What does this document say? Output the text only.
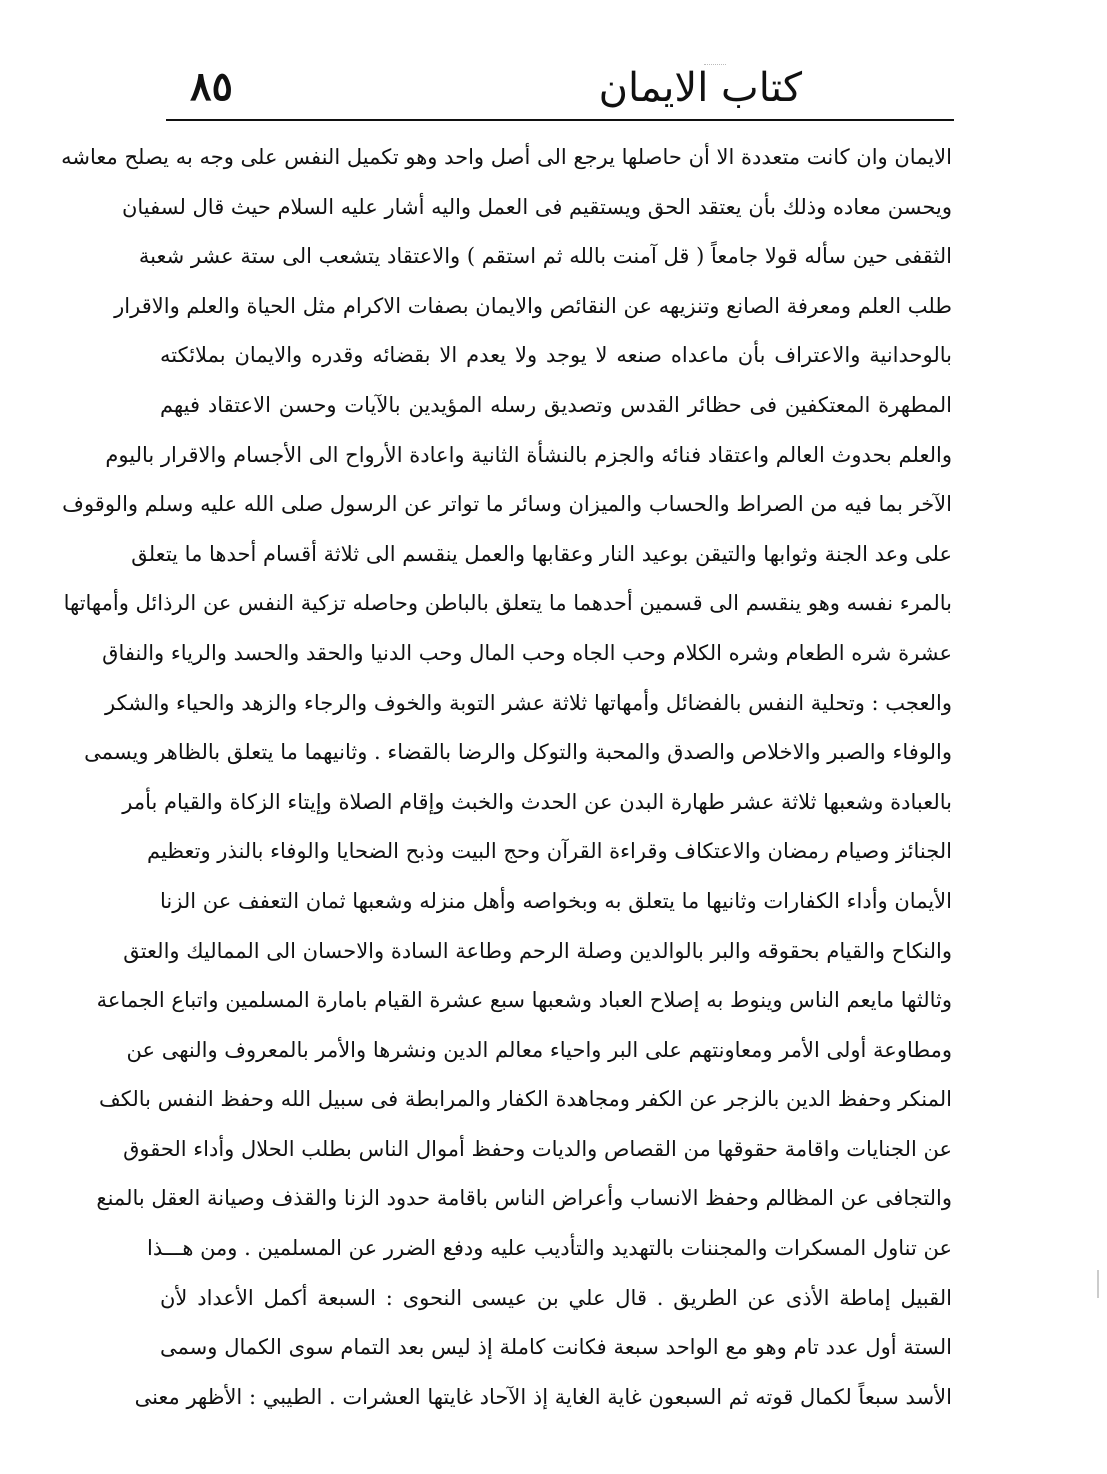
كتاب الايمان
٨٥
الايمان وان كانت متعددة الا أن حاصلها يرجع الى أصل واحد وهو تكميل النفس على وجه به يصلح معاشه
ويحسن معاده وذلك بأن يعتقد الحق ويستقيم فى العمل واليه أشار عليه السلام حيث قال لسفيان
الثقفى حين سأله قولا جامعاً ( قل آمنت بالله ثم استقم ) والاعتقاد يتشعب الى ستة عشر شعبة
طلب العلم ومعرفة الصانع وتنزيهه عن النقائص والايمان بصفات الاكرام مثل الحياة والعلم والاقرار
بالوحدانية والاعتراف بأن ماعداه صنعه لا يوجد ولا يعدم الا بقضائه وقدره والايمان بملائكته
المطهرة المعتكفين فى حظائر القدس وتصديق رسله المؤيدين بالآيات وحسن الاعتقاد فيهم
والعلم بحدوث العالم واعتقاد فنائه والجزم بالنشأة الثانية واعادة الأرواح الى الأجسام والاقرار باليوم
الآخر بما فيه من الصراط والحساب والميزان وسائر ما تواتر عن الرسول صلى الله عليه وسلم والوقوف
على وعد الجنة وثوابها والتيقن بوعيد النار وعقابها والعمل ينقسم الى ثلاثة أقسام أحدها ما يتعلق
بالمرء نفسه وهو ينقسم الى قسمين أحدهما ما يتعلق بالباطن وحاصله تزكية النفس عن الرذائل وأمهاتها
عشرة شره الطعام وشره الكلام وحب الجاه وحب المال وحب الدنيا والحقد والحسد والرياء والنفاق
والعجب : وتحلية النفس بالفضائل وأمهاتها ثلاثة عشر التوبة والخوف والرجاء والزهد والحياء والشكر
والوفاء والصبر والاخلاص والصدق والمحبة والتوكل والرضا بالقضاء . وثانيهما ما يتعلق بالظاهر ويسمى
بالعبادة وشعبها ثلاثة عشر طهارة البدن عن الحدث والخبث وإقام الصلاة وإيتاء الزكاة والقيام بأمر
الجنائز وصيام رمضان والاعتكاف وقراءة القرآن وحج البيت وذبح الضحايا والوفاء بالنذر وتعظيم
الأيمان وأداء الكفارات وثانيها ما يتعلق به وبخواصه وأهل منزله وشعبها ثمان التعفف عن الزنا
والنكاح والقيام بحقوقه والبر بالوالدين وصلة الرحم وطاعة السادة والاحسان الى المماليك والعتق
وثالثها مايعم الناس وينوط به إصلاح العباد وشعبها سبع عشرة القيام بامارة المسلمين واتباع الجماعة
ومطاوعة أولى الأمر ومعاونتهم على البر واحياء معالم الدين ونشرها والأمر بالمعروف والنهى عن
المنكر وحفظ الدين بالزجر عن الكفر ومجاهدة الكفار والمرابطة فى سبيل الله وحفظ النفس بالكف
عن الجنايات واقامة حقوقها من القصاص والديات وحفظ أموال الناس بطلب الحلال وأداء الحقوق
والتجافى عن المظالم وحفظ الانساب وأعراض الناس باقامة حدود الزنا والقذف وصيانة العقل بالمنع
عن تناول المسكرات والمجننات بالتهديد والتأديب عليه ودفع الضرر عن المسلمين . ومن هـــذا
القبيل إماطة الأذى عن الطريق . قال علي بن عيسى النحوى : السبعة أكمل الأعداد لأن
الستة أول عدد تام وهو مع الواحد سبعة فكانت كاملة إذ ليس بعد التمام سوى الكمال وسمى
الأسد سبعاً لكمال قوته ثم السبعون غاية الغاية إذ الآحاد غايتها العشرات . الطيبي : الأظهر معنى
